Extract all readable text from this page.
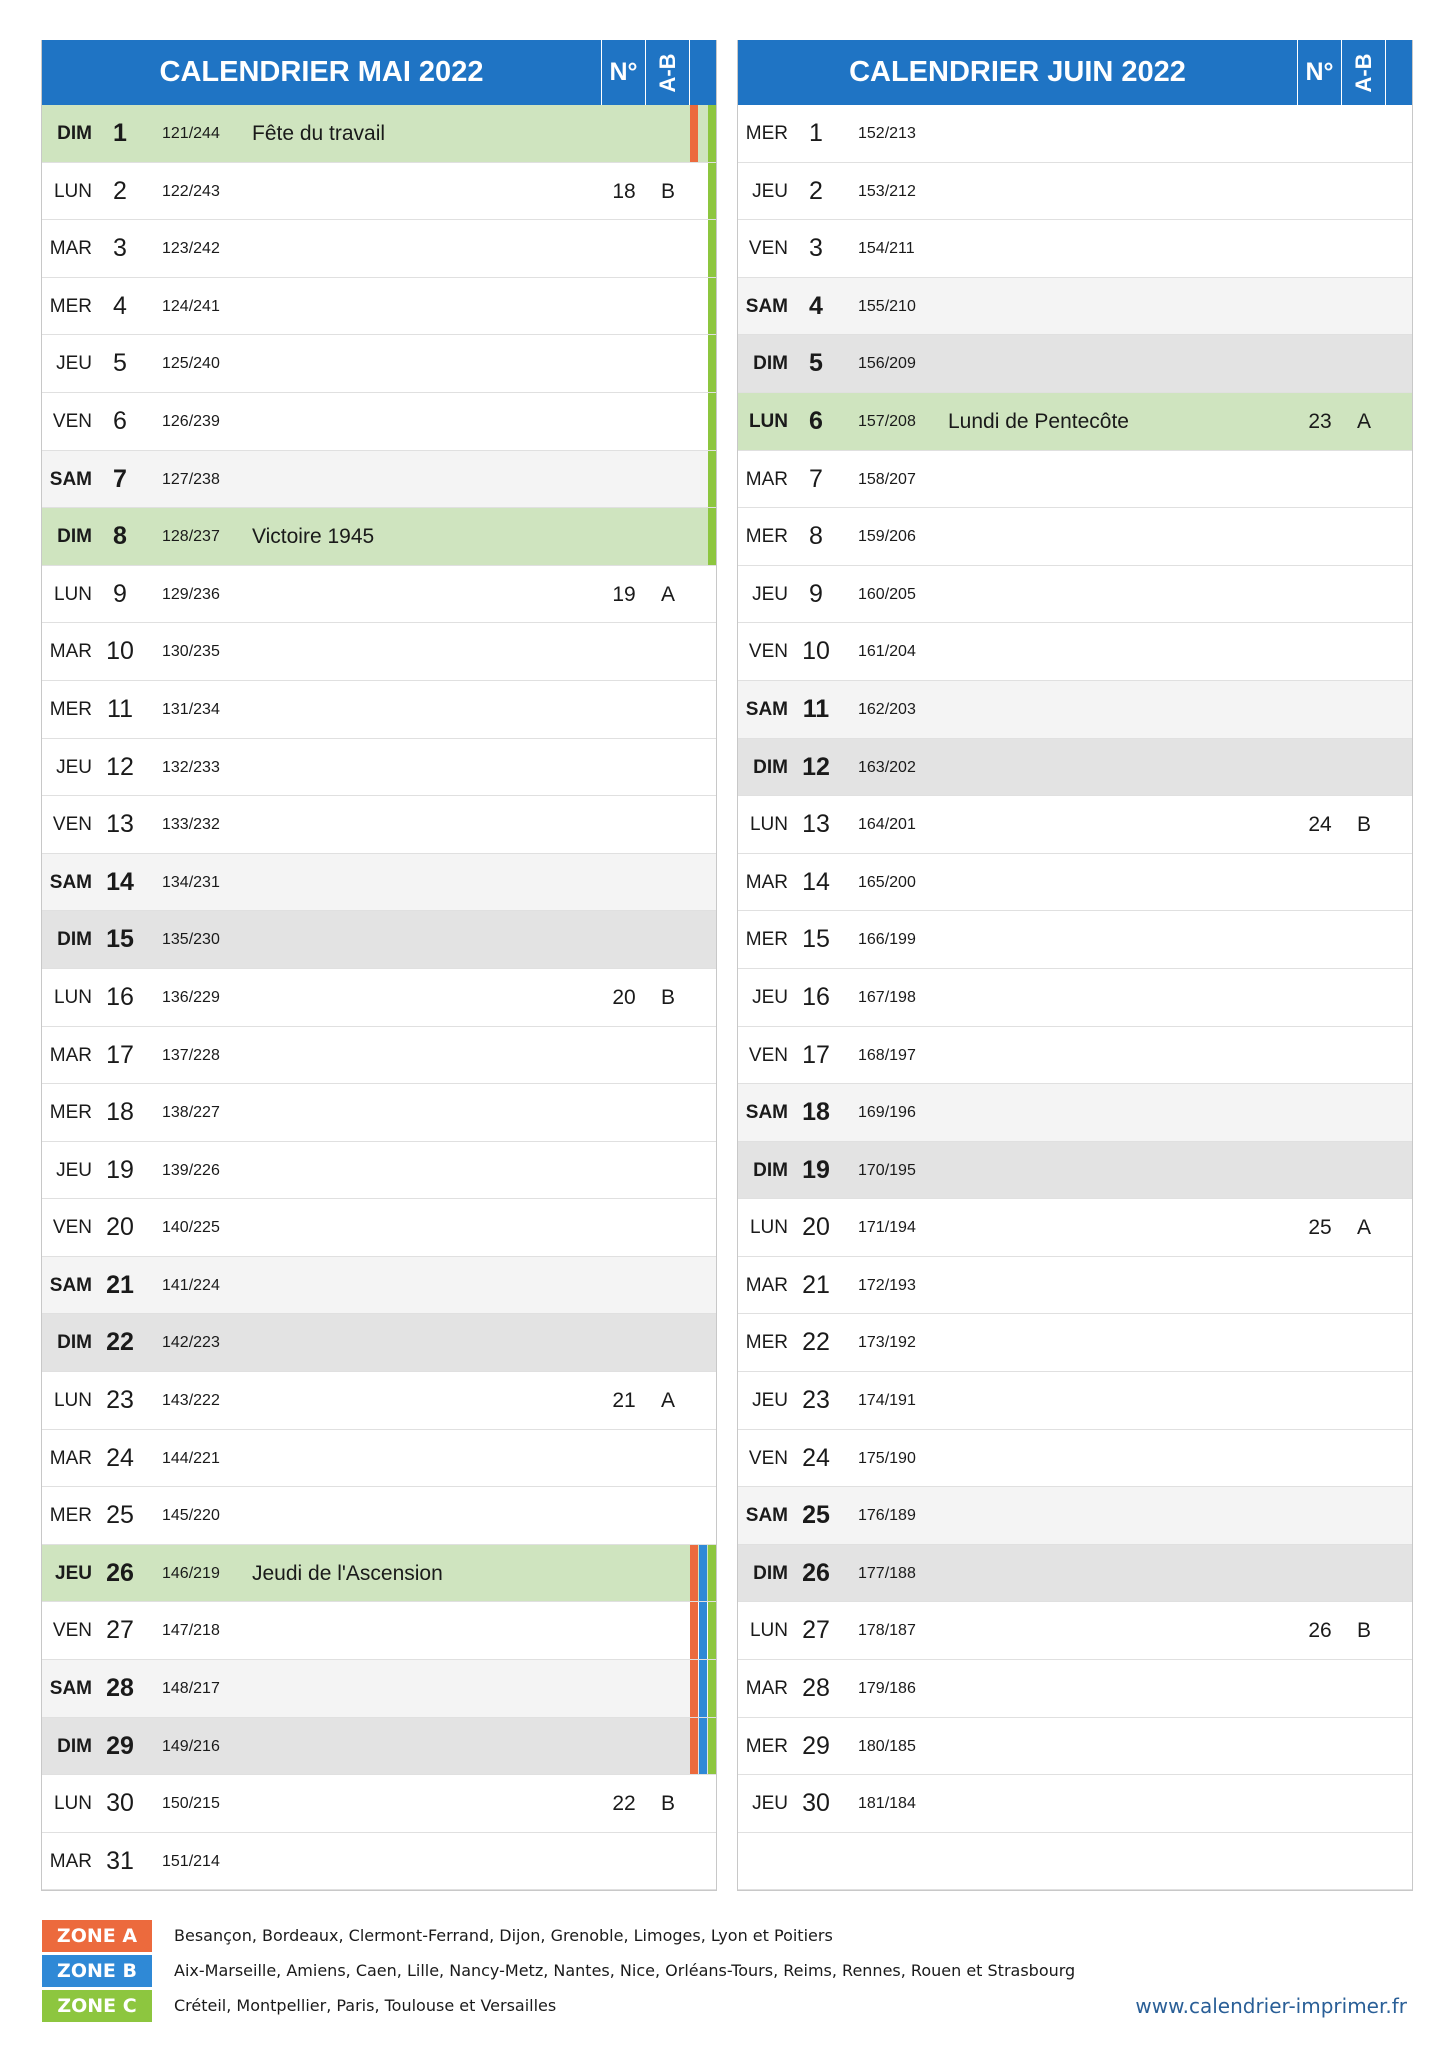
CALENDRIER MAI 2022	N° A-B
DIM 1	121/244 Fête du travail
LUN 2	122/243	18	B
MAR 3	123/242
MER 4	124/241
JEU 5	125/240
VEN 6	126/239
SAM 7	127/238
DIM 8	128/237 Victoire 1945
LUN 9	129/236	19	A
MAR 10 130/235
MER 11	131/234
JEU 12 132/233
VEN 13 133/232
SAM 14 134/231
DIM 15 135/230
LUN 16 136/229	20	B
MAR 17 137/228
MER 18 138/227
JEU 19 139/226
VEN 20 140/225
SAM 21 141/224
DIM 22 142/223
LUN 23 143/222	21	A
MAR 24 144/221
MER 25 145/220
JEU 26 146/219 Jeudi de l'Ascension
VEN 27 147/218
SAM 28 148/217
DIM 29 149/216
LUN 30 150/215	22	B
MAR 31 151/214
CALENDRIER JUIN 2022	N° A-B
MER 1	152/213
JEU 2	153/212
VEN 3	154/211
SAM 4	155/210
DIM 5	156/209
LUN 6	157/208 Lundi de Pentecôte	23	A
MAR 7	158/207
MER 8	159/206
JEU 9	160/205
VEN 10 161/204
SAM 11 162/203
DIM 12 163/202
LUN 13 164/201	24	B
MAR 14 165/200
MER 15 166/199
JEU 16 167/198
VEN 17 168/197
SAM 18 169/196
DIM 19 170/195
LUN 20 171/194	25	A
MAR 21 172/193
MER 22 173/192
JEU 23 174/191
VEN 24 175/190
SAM 25 176/189
DIM 26 177/188
LUN 27 178/187	26	B
MAR 28 179/186
MER 29 180/185
JEU 30 181/184
ZONE A	Besançon, Bordeaux, Clermont-Ferrand, Dijon, Grenoble, Limoges, Lyon et Poitiers
ZONE B	Aix-Marseille, Amiens, Caen, Lille, Nancy-Metz, Nantes, Nice, Orléans-Tours, Reims, Rennes, Rouen et Strasbourg
ZONE C	Créteil, Montpellier, Paris, Toulouse et Versailles	www.calendrier-imprimer.fr
